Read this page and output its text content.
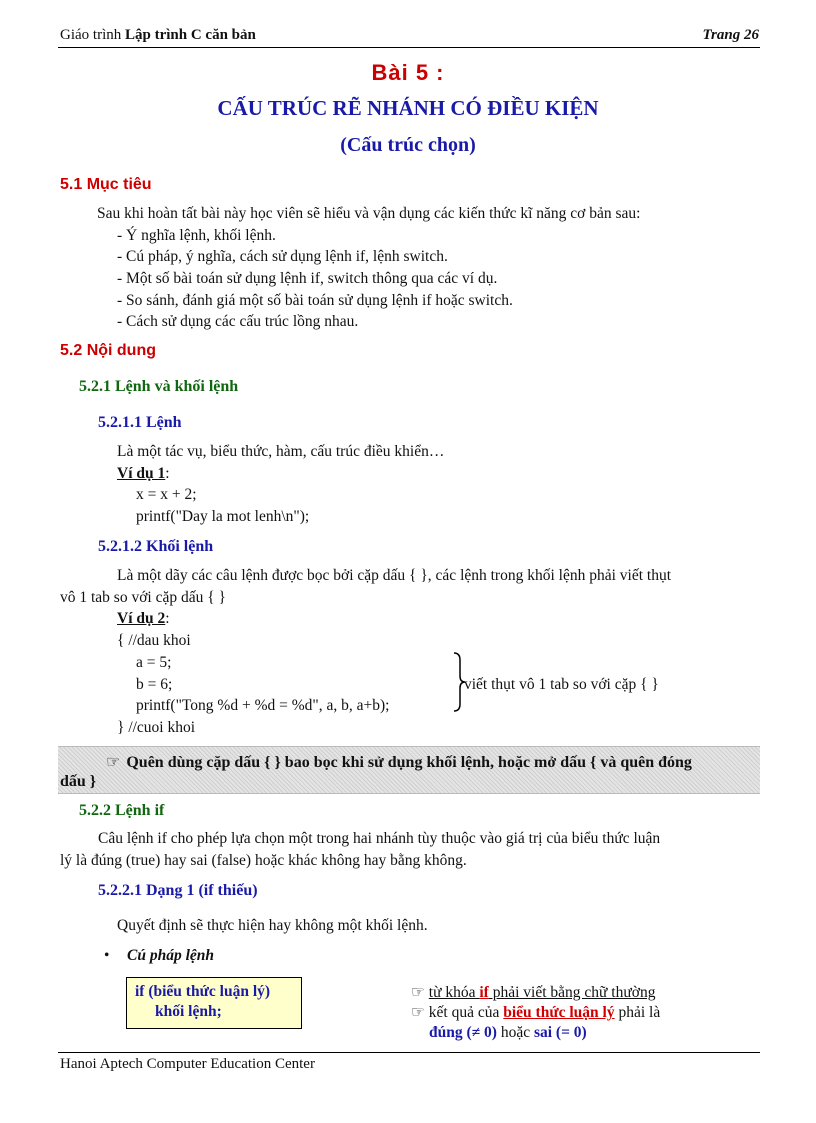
Giáo trình Lập trình C căn bản	Trang 26
Bài 5 :
CẤU TRÚC RẼ NHÁNH CÓ ĐIỀU KIỆN
(Cấu trúc chọn)
5.1 Mục tiêu
Sau khi hoàn tất bài này học viên sẽ hiểu và vận dụng các kiến thức kĩ năng cơ bản sau:
- Ý nghĩa lệnh, khối lệnh.
- Cú pháp, ý nghĩa, cách sử dụng lệnh if, lệnh switch.
- Một số bài toán sử dụng lệnh if, switch thông qua các ví dụ.
- So sánh, đánh giá một số bài toán sử dụng lệnh if hoặc switch.
- Cách sử dụng các cấu trúc lồng nhau.
5.2 Nội dung
5.2.1 Lệnh và khối lệnh
5.2.1.1 Lệnh
Là một tác vụ, biểu thức, hàm, cấu trúc điều khiển…
Ví dụ 1:
x = x + 2;
printf("Day la mot lenh\n");
5.2.1.2 Khối lệnh
Là một dãy các câu lệnh được bọc bởi cặp dấu { }, các lệnh trong khối lệnh phải viết thụt
vô 1 tab so với cặp dấu { }
Ví dụ 2:
{ //dau khoi
a = 5;
b = 6;
printf("Tong %d + %d = %d", a, b, a+b);
} //cuoi khoi
viết thụt vô 1 tab so với cặp { }
☞ Quên dùng cặp dấu { } bao bọc khi sử dụng khối lệnh, hoặc mở dấu { và quên đóng
dấu }
5.2.2 Lệnh if
Câu lệnh if cho phép lựa chọn một trong hai nhánh tùy thuộc vào giá trị của biểu thức luận
lý là đúng (true) hay sai (false) hoặc khác không hay bằng không.
5.2.2.1 Dạng 1 (if thiếu)
Quyết định sẽ thực hiện hay không một khối lệnh.
• Cú pháp lệnh
if (biểu thức luận lý)
khối lệnh;
☞ từ khóa if phải viết bằng chữ thường
☞ kết quả của biểu thức luận lý phải là
đúng (≠ 0) hoặc sai (= 0)
Hanoi Aptech Computer Education Center
